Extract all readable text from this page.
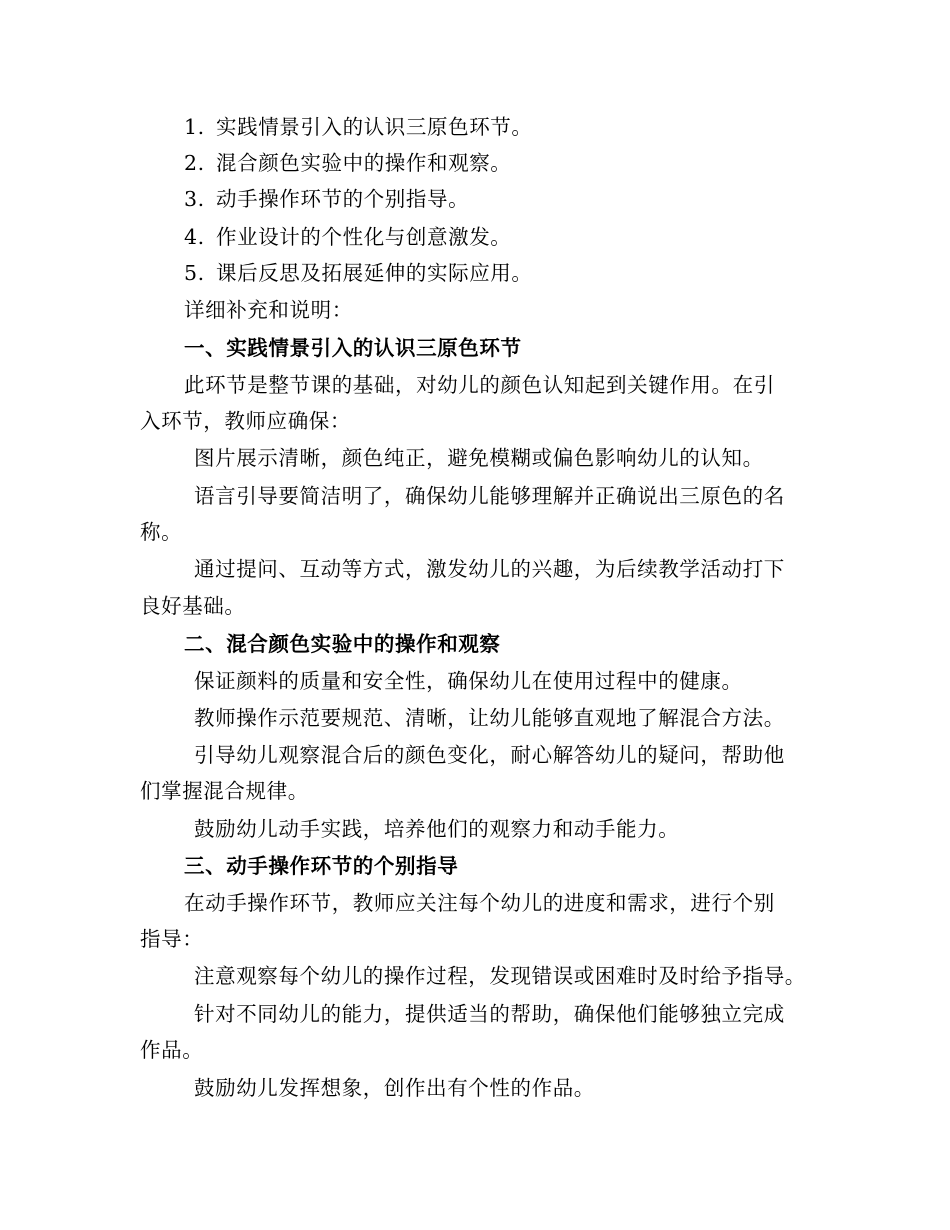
1. 实践情景引入的认识三原色环节。
2. 混合颜色实验中的操作和观察。
3. 动手操作环节的个别指导。
4. 作业设计的个性化与创意激发。
5. 课后反思及拓展延伸的实际应用。
详细补充和说明：
一、实践情景引入的认识三原色环节
此环节是整节课的基础，对幼儿的颜色认知起到关键作用。在引
入环节，教师应确保：
图片展示清晰，颜色纯正，避免模糊或偏色影响幼儿的认知。
语言引导要简洁明了，确保幼儿能够理解并正确说出三原色的名
称。
通过提问、互动等方式，激发幼儿的兴趣，为后续教学活动打下
良好基础。
二、混合颜色实验中的操作和观察
保证颜料的质量和安全性，确保幼儿在使用过程中的健康。
教师操作示范要规范、清晰，让幼儿能够直观地了解混合方法。
引导幼儿观察混合后的颜色变化，耐心解答幼儿的疑问，帮助他
们掌握混合规律。
鼓励幼儿动手实践，培养他们的观察力和动手能力。
三、动手操作环节的个别指导
在动手操作环节，教师应关注每个幼儿的进度和需求，进行个别
指导：
注意观察每个幼儿的操作过程，发现错误或困难时及时给予指导。
针对不同幼儿的能力，提供适当的帮助，确保他们能够独立完成
作品。
鼓励幼儿发挥想象，创作出有个性的作品。
